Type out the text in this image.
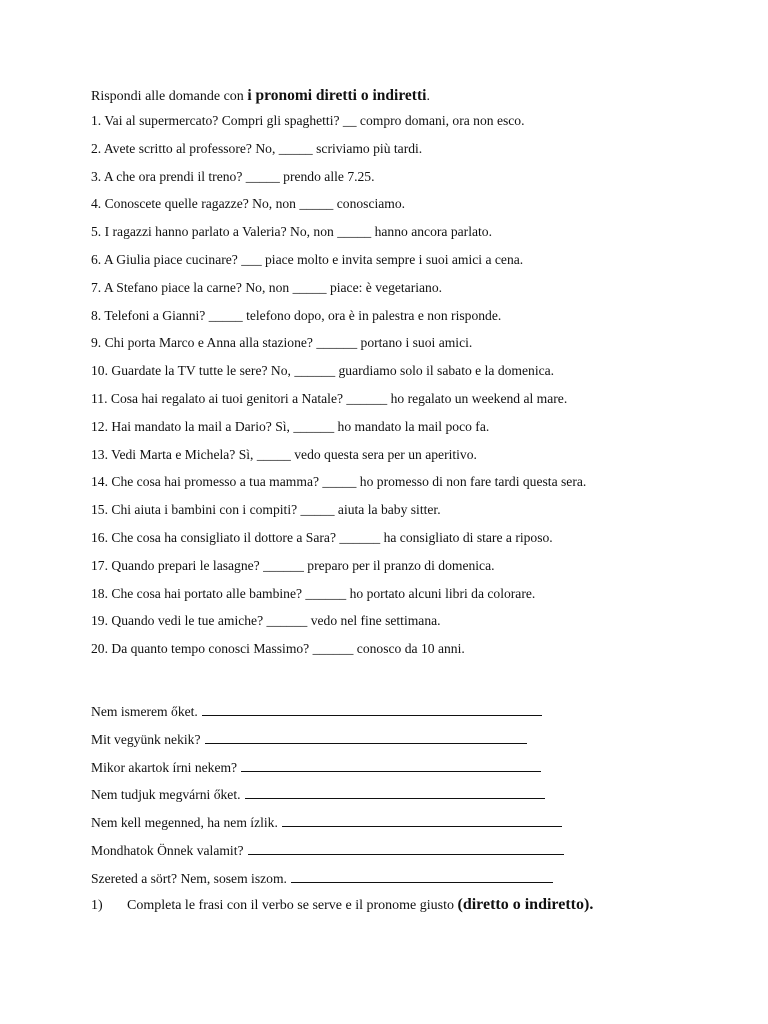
Rispondi alle domande con i pronomi diretti o indiretti.

1. Vai al supermercato? Compri gli spaghetti? __ compro domani, ora non esco.
2. Avete scritto al professore? No, _____ scriviamo più tardi.
3. A che ora prendi il treno? _____ prendo alle 7.25.
4. Conoscete quelle ragazze? No, non _____ conosciamo.
5. I ragazzi hanno parlato a Valeria? No, non _____ hanno ancora parlato.
6. A Giulia piace cucinare? ___ piace molto e invita sempre i suoi amici a cena.
7. A Stefano piace la carne? No, non _____ piace: è vegetariano.
8. Telefoni a Gianni? _____ telefono dopo, ora è in palestra e non risponde.
9. Chi porta Marco e Anna alla stazione? ______ portano i suoi amici.
10. Guardate la TV tutte le sere? No, ______ guardiamo solo il sabato e la domenica.
11. Cosa hai regalato ai tuoi genitori a Natale? ______ ho regalato un weekend al mare.
12. Hai mandato la mail a Dario? Sì, ______ ho mandato la mail poco fa.
13. Vedi Marta e Michela? Sì, _____ vedo questa sera per un aperitivo.
14. Che cosa hai promesso a tua mamma? _____ ho promesso di non fare tardi questa sera.
15. Chi aiuta i bambini con i compiti? _____ aiuta la baby sitter.
16. Che cosa ha consigliato il dottore a Sara? ______ ha consigliato di stare a riposo.
17. Quando prepari le lasagne? ______ preparo per il pranzo di domenica.
18. Che cosa hai portato alle bambine? ______ ho portato alcuni libri da colorare.
19. Quando vedi le tue amiche? ______ vedo nel fine settimana.
20. Da quanto tempo conosci Massimo? ______ conosco da 10 anni.
Nem ismerem őket.
Mit vegyünk nekik?
Mikor akartok írni nekem?
Nem tudjuk megvárni őket.
Nem kell megenned, ha nem ízlik.
Mondhatok Önnek valamit?
Szereted a sört? Nem, sosem iszom.
1) Completa le frasi con il verbo se serve e il pronome giusto (diretto o indiretto).
